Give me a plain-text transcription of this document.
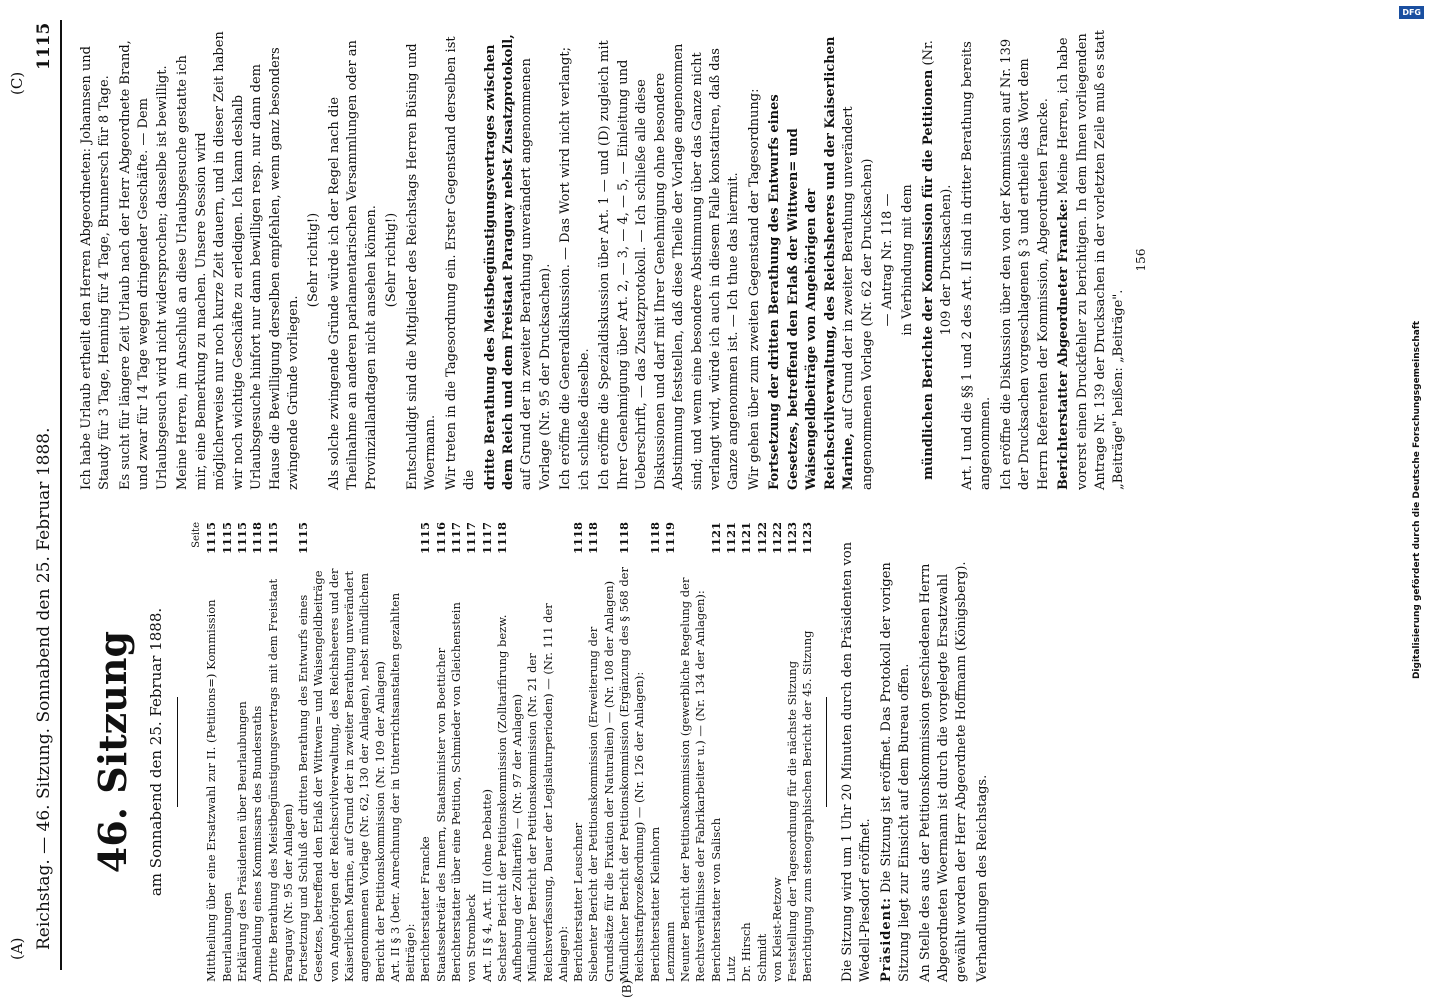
(A)
(C)
Reichstag. — 46. Sitzung. Sonnabend den 25. Februar 1888.
1115
(B)
46. Sitzung am Sonnabend den 25. Februar 1888.
Seite
Mittheilung über eine Ersatzwahl zur II. (Petitions=) Kommission
1115
Beurlaubungen
1115
Erklärung des Präsidenten über Beurlaubungen
1115
Anmeldung eines Kommissars des Bundesraths
1118
Dritte Berathung des Meistbegünstigungsvertrags mit dem Freistaat Paraguay (Nr. 95 der Anlagen)
1115
Fortsetzung und Schluß der dritten Berathung des Entwurfs eines Gesetzes, betreffend den Erlaß der Wittwen= und Waisengeldbeiträge von Angehörigen der Reichscivilverwaltung, des Reichsheeres und der Kaiserlichen Marine, auf Grund der in zweiter Berathung unverändert angenommenen Vorlage (Nr. 62, 130 der Anlagen), nebst mündlichem Bericht der Petitionskommission (Nr. 109 der Anlagen)
1115
Art. II § 3 (betr. Anrechnung der in Unterrichtsanstalten gezahlten Beiträge): Berichterstatter Francke
1115
Staatssekretär des Innern, Staatsminister von Boetticher
1116
Berichterstatter über eine Petition, Schmieder von Gleichenstein
1117
von Strombeck
1117
Art. II § 4, Art. III (ohne Debatte)
1117
Sechster Bericht der Petitionskommission (Zolltarifirung bezw. Aufhebung der Zolltarife) — (Nr. 97 der Anlagen)
1118
Mündlicher Bericht der Petitionskommission (Nr. 21 der Reichsverfassung, Dauer der Legislaturperioden) — (Nr. 111 der Anlagen): Berichterstatter Leuschner
1118
Siebenter Bericht der Petitionskommission (Erweiterung der Grundsätze für die Fixation der Naturalien) — (Nr. 108 der Anlagen)
1118
Mündlicher Bericht der Petitionskommission (Ergänzung des § 568 der Reichsstrafprozeßordnung) — (Nr. 126 der Anlagen):
1118
Berichterstatter Kleinhorn
1118
Lenzmann
1119
Neunter Bericht der Petitionskommission (gewerbliche Regelung der Rechtsverhältnisse der Fabrikarbeiter u.) — (Nr. 134 der Anlagen): Berichterstatter von Salisch
1121
Lutz
1121
Dr. Hirsch
1121
Schmidt
1122
von Kleist-Retzow
1122
Feststellung der Tagesordnung für die nächste Sitzung
1123
Berichtigung zum stenographischen Bericht der 45. Sitzung
1123

Die Sitzung wird um 1 Uhr 20 Minuten durch den Präsidenten von Wedell-Piesdorf eröffnet. Präsident: Die Sitzung ist eröffnet. Das Protokoll der vorigen Sitzung liegt zur Einsicht auf dem Bureau offen. An Stelle des aus der Petitionskommission geschiedenen Herrn Abgeordneten Woermann ist durch die vorgelegte Ersatzwahl gewählt worden der Herr Abgeordnete Hoffmann (Königsberg). Verhandlungen des Reichstags.

Ich habe Urlaub ertheilt den Herren Abgeordneten: Johannsen und Staudy für 3 Tage, Henning für 4 Tage, Brunnersch für 8 Tage. Es sucht für längere Zeit Urlaub nach der Herr Abgeordnete Brand, und zwar für 14 Tage wegen dringender Geschäfte. — Dem Urlaubsgesuch wird nicht widersprochen; dasselbe ist bewilligt. Meine Herren, im Anschluß an diese Urlaubsgesuche gestatte ich mir, eine Bemerkung zu machen. Unsere Session wird möglicherweise nur noch kurze Zeit dauern, und in dieser Zeit haben wir noch wichtige Geschäfte zu erledigen. Ich kann deshalb Urlaubsgesuche hinfort nur dann bewilligen resp. nur dann dem Hause die Bewilligung derselben empfehlen, wenn ganz besonders zwingende Gründe vorliegen.

(Sehr richtig!) Als solche zwingende Gründe würde ich der Regel nach die Theilnahme an anderen parlamentarischen Versammlungen oder an Provinziallandtagen nicht ansehen können. (Sehr richtig!) Entschuldigt sind die Mitglieder des Reichstags Herren Büsing und Woermann. Wir treten in die Tagesordnung ein. Erster Gegenstand derselben ist die dritte Berathung des Meistbegünstigungsvertrages zwischen dem Reich und dem Freistaat Paraguay nebst Zusatzprotokoll, auf Grund der in zweiter Berathung unverändert angenommenen Vorlage (Nr. 95 der Drucksachen). Ich eröffne die Generaldiskussion. — Das Wort wird nicht verlangt; ich schließe dieselbe. Ich eröffne die Spezialdiskussion über Art. 1 — und (D) zugleich mit Ihrer Genehmigung über Art. 2, — 3, — 4, — 5, — Einleitung und Ueberschrift, — das Zusatzprotokoll. — Ich schließe alle diese Diskussionen und darf mit Ihrer Genehmigung ohne besondere Abstimmung feststellen, daß diese Theile der Vorlage angenommen sind; und wenn eine besondere Abstimmung über das Ganze nicht verlangt wird, würde ich auch in diesem Falle konstatiren, daß das Ganze angenommen ist. — Ich thue das hiermit. Wir gehen über zum zweiten Gegenstand der Tagesordnung: Fortsetzung der dritten Berathung des Entwurfs eines Gesetzes, betreffend den Erlaß der Wittwen= und Waisengeldbeiträge von Angehörigen der Reichscivilverwaltung, des Reichsheeres und der Kaiserlichen Marine, auf Grund der in zweiter Berathung unverändert angenommenen Vorlage (Nr. 62 der Drucksachen) — Antrag Nr. 118 — in Verbindung mit dem mündlichen Berichte der Kommission für die Petitionen (Nr. 109 der Drucksachen). Art. I und die §§ 1 und 2 des Art. II sind in dritter Berathung bereits angenommen. Ich eröffne die Diskussion über den von der Kommission auf Nr. 139 der Drucksachen vorgeschlagenen § 3 und ertheile das Wort dem Herrn Referenten der Kommission, Abgeordneten Francke. Berichterstatter Abgeordneter Francke: Meine Herren, ich habe vorerst einen Druckfehler zu berichtigen. In dem Ihnen vorliegenden Antrage Nr. 139 der Drucksachen in der vorletzten Zeile muß es statt „Beiträge" heißen: „Beiträge".

156
Digitalisierung gefördert durch die Deutsche Forschungsgemeinschaft
DFG
